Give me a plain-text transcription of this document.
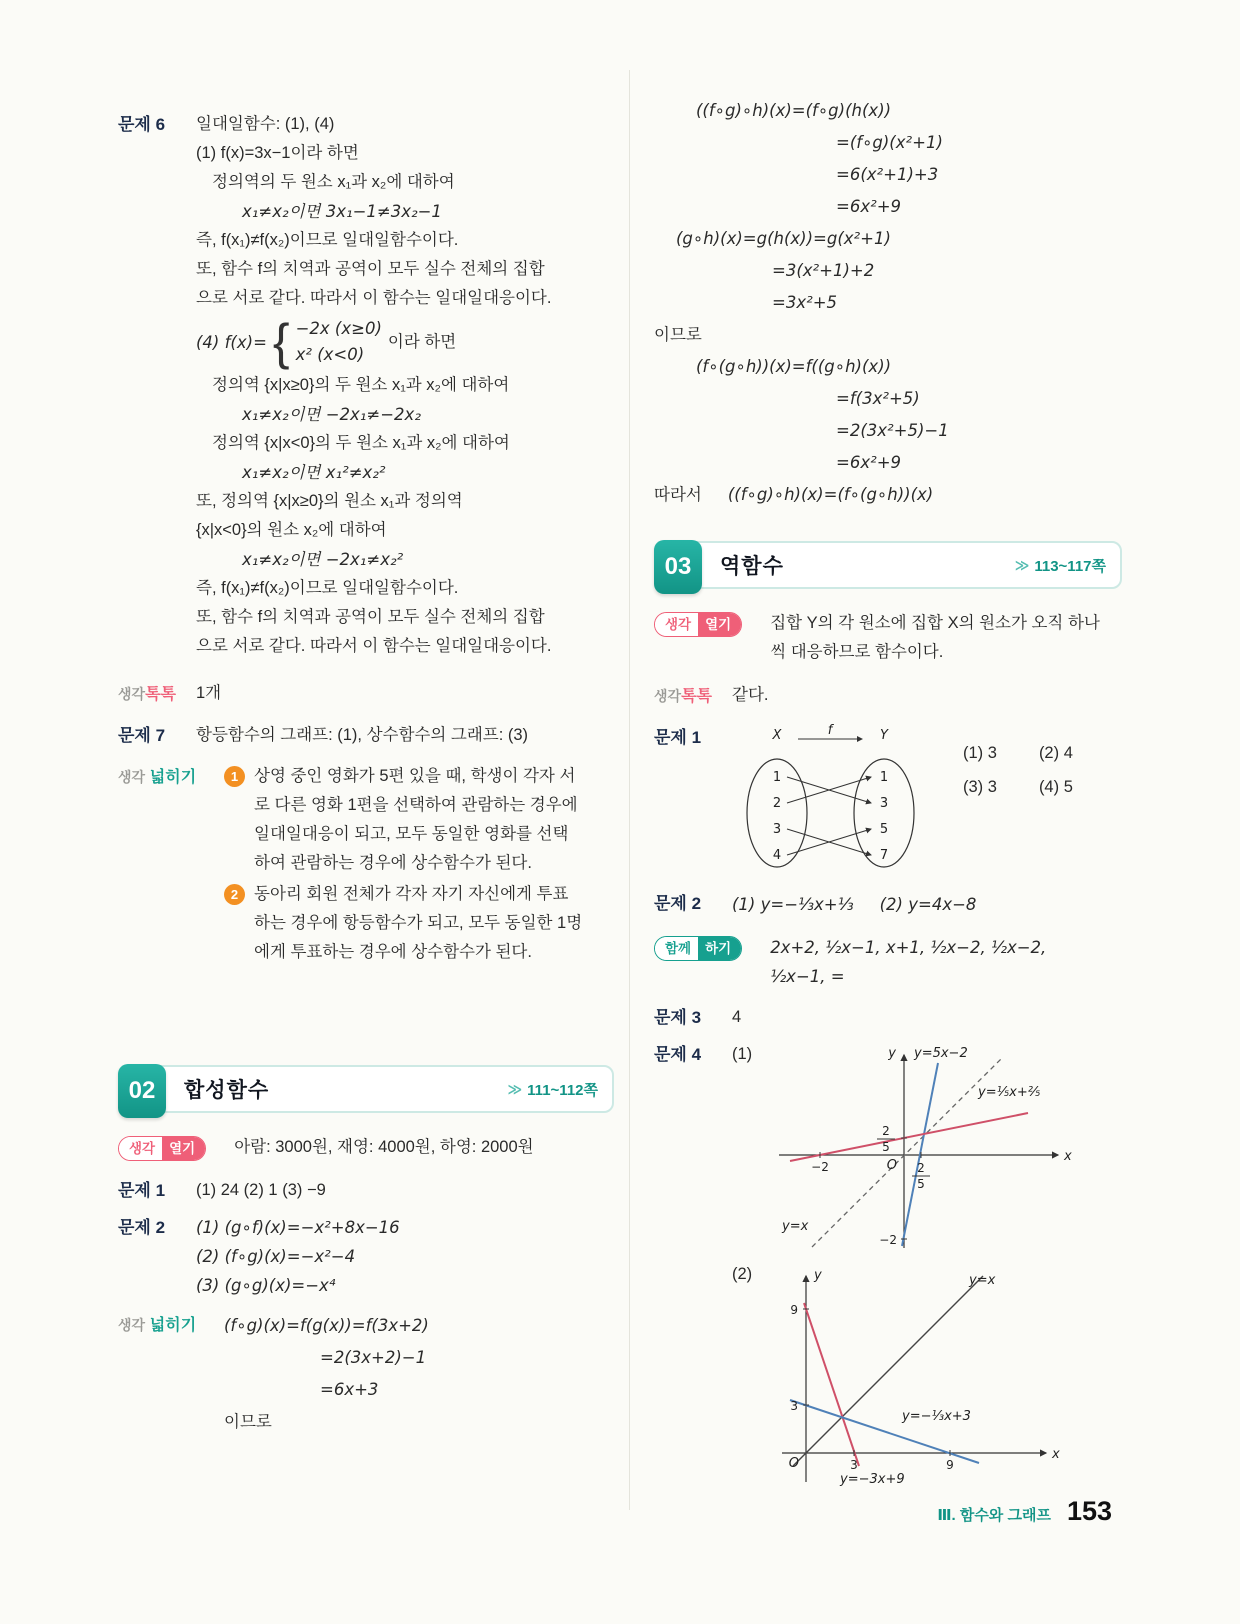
문제 6	일대일함수: (1), (4)
(1) f(x)=3x−1이라 하면
정의역의 두 원소 x₁과 x₂에 대하여
x₁≠x₂이면 3x₁−1≠3x₂−1
즉, f(x₁)≠f(x₂)이므로 일대일함수이다.
또, 함수 f의 치역과 공역이 모두 실수 전체의 집합
으로 서로 같다. 따라서 이 함수는 일대일대응이다.
(4) f(x)= { −2x (x≥0)
x² (x<0)
이라 하면
정의역 {x|x≥0}의 두 원소 x₁과 x₂에 대하여
x₁≠x₂이면 −2x₁≠−2x₂
정의역 {x|x<0}의 두 원소 x₁과 x₂에 대하여
x₁≠x₂이면 x₁²≠x₂²
또, 정의역 {x|x≥0}의 원소 x₁과 정의역
{x|x<0}의 원소 x₂에 대하여
x₁≠x₂이면 −2x₁≠x₂²
즉, f(x₁)≠f(x₂)이므로 일대일함수이다.
또, 함수 f의 치역과 공역이 모두 실수 전체의 집합
으로 서로 같다. 따라서 이 함수는 일대일대응이다.
생각톡톡	1개
문제 7	항등함수의 그래프: (1), 상수함수의 그래프: (3)
생각 넓히기	1 상영 중인 영화가 5편 있을 때, 학생이 각자 서
로 다른 영화 1편을 선택하여 관람하는 경우에
일대일대응이 되고, 모두 동일한 영화를 선택
하여 관람하는 경우에 상수함수가 된다.
2 동아리 회원 전체가 각자 자기 자신에게 투표
하는 경우에 항등함수가 되고, 모두 동일한 1명
에게 투표하는 경우에 상수함수가 된다.
02	합성함수	≫ 111~112쪽
생각	열기	아람: 3000원, 재영: 4000원, 하영: 2000원
문제 1	(1) 24 (2) 1 (3) −9
문제 2	(1) (g∘f)(x)=−x²+8x−16
(2) (f∘g)(x)=−x²−4
(3) (g∘g)(x)=−x⁴
생각 넓히기	(f∘g)(x)=f(g(x))=f(3x+2)
=2(3x+2)−1
=6x+3
이므로
((f∘g)∘h)(x)=(f∘g)(h(x))
=(f∘g)(x²+1)
=6(x²+1)+3
=6x²+9
(g∘h)(x)=g(h(x))=g(x²+1)
=3(x²+1)+2
=3x²+5
이므로
(f∘(g∘h))(x)=f((g∘h)(x))
=f(3x²+5)
=2(3x²+5)−1
=6x²+9
따라서 ((f∘g)∘h)(x)=(f∘(g∘h))(x)
03	역함수	≫ 113~117쪽
생각	열기	집합 Y의 각 원소에 집합 X의 원소가 오직 하나
씩 대응하므로 함수이다.
생각톡톡	같다.
문제 1	X	Y
f
1
2
3
4
1
3
5
7
(1) 3	(2) 4
(3) 3	(4) 5
문제 2	(1) y=−⅓x+⅓ (2) y=4x−8
함께	하기	2x+2, ½x−1, x+1, ½x−2, ½x−2,
½x−1, =
문제 3	4
문제 4	(1)	y
x
y=5x−2
y=⅕x+⅖
y=x
O
−2
−2
2
5
2
5
(2)	y
x
y=x
y=−⅓x+3
y=−3x+9
9
3
O	3	9
Ⅲ. 함수와 그래프 153
